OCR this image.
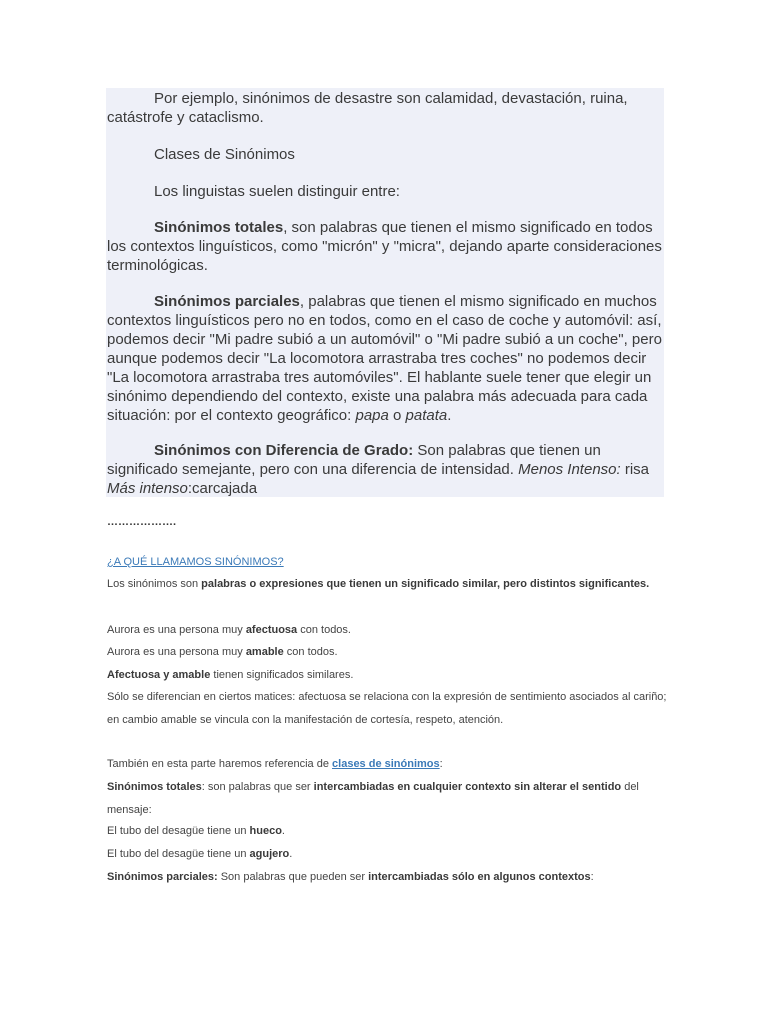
Por ejemplo, sinónimos de desastre son calamidad, devastación, ruina, catástrofe y cataclismo.

Clases de Sinónimos

Los linguistas suelen distinguir entre:

Sinónimos totales, son palabras que tienen el mismo significado en todos los contextos linguísticos, como "micrón" y "micra", dejando aparte consideraciones terminológicas.

Sinónimos parciales, palabras que tienen el mismo significado en muchos contextos linguísticos pero no en todos, como en el caso de coche y automóvil: así, podemos decir "Mi padre subió a un automóvil" o "Mi padre subió a un coche", pero aunque podemos decir "La locomotora arrastraba tres coches" no podemos decir "La locomotora arrastraba tres automóviles". El hablante suele tener que elegir un sinónimo dependiendo del contexto, existe una palabra más adecuada para cada situación: por el contexto geográfico: papa o patata.

Sinónimos con Diferencia de Grado: Son palabras que tienen un significado semejante, pero con una diferencia de intensidad. Menos Intenso: risa Más intenso:carcajada

……………….

¿A QUÉ LLAMAMOS SINÓNIMOS?

Los sinónimos son palabras o expresiones que tienen un significado similar, pero distintos significantes.

Aurora es una persona muy afectuosa con todos.

Aurora es una persona muy amable con todos.

Afectuosa y amable tienen significados similares.

Sólo se diferencian en ciertos matices: afectuosa se relaciona con la expresión de sentimiento asociados al cariño; en cambio amable se vincula con la manifestación de cortesía, respeto, atención.

También en esta parte haremos referencia de clases de sinónimos:

Sinónimos totales: son palabras que ser intercambiadas en cualquier contexto sin alterar el sentido del mensaje:

El tubo del desagüe tiene un hueco.

El tubo del desagüe tiene un agujero.

Sinónimos parciales: Son palabras que pueden ser intercambiadas sólo en algunos contextos:
